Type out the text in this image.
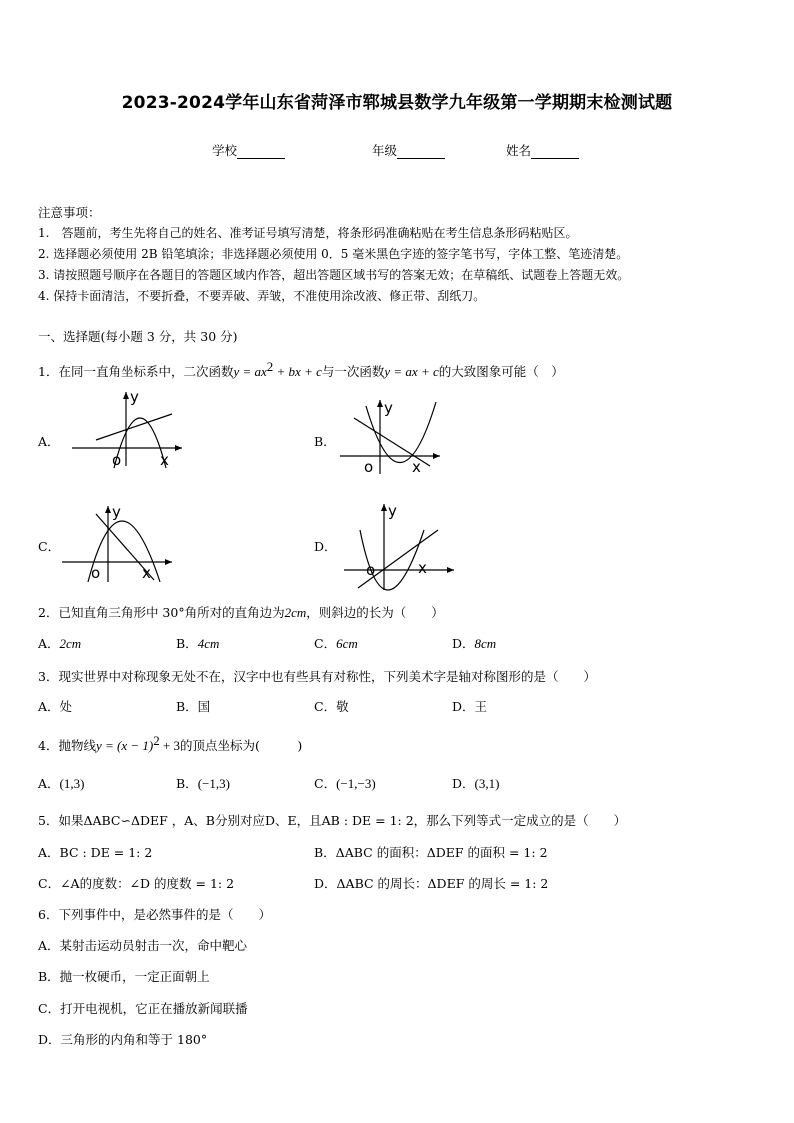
2023-2024学年山东省菏泽市郓城县数学九年级第一学期期末检测试题
学校	年级	姓名
注意事项：
1.　答题前，考生先将自己的姓名、准考证号填写清楚，将条形码准确粘贴在考生信息条形码粘贴区。
2. 选择题必须使用 2B 铅笔填涂；非选择题必须使用 0．5 毫米黑色字迹的签字笔书写，字体工整、笔迹清楚。
3. 请按照题号顺序在各题目的答题区域内作答，超出答题区域书写的答案无效；在草稿纸、试题卷上答题无效。
4. 保持卡面清洁，不要折叠，不要弄破、弄皱，不准使用涂改液、修正带、刮纸刀。
一、选择题(每小题 3 分，共 30 分)
1．在同一直角坐标系中，二次函数$y = ax^2$ + bx + c与一次函数y = ax + c的大致图象可能（　）
A．
y
o	x
B．
y
o	x
C．
y
o	x
D．
y
o	x
2．已知直角三角形中 30°角所对的直角边为2cm，则斜边的长为（　　）
A．2cm	B．4cm	C．6cm	D．8cm
3．现实世界中对称现象无处不在，汉字中也有些具有对称性，下列美术字是轴对称图形的是（　　）
A．处	B．国	C．敬	D．王
4．抛物线$y = (x - 1)^2 + 3$的顶点坐标为(　　　)
A．(1,3)	B．(−1,3)	C．(−1,−3)	D．(3,1)
5．如果ΔABC∽ΔDEF ，A、B分别对应D、E，且AB : DE = 1: 2，那么下列等式一定成立的是（　　）
A．BC : DE = 1: 2	B．ΔABC 的面积：ΔDEF 的面积 = 1: 2
C．∠A的度数：∠D 的度数 = 1: 2	D．ΔABC 的周长：ΔDEF 的周长 = 1: 2
6．下列事件中，是必然事件的是（　　）
A．某射击运动员射击一次，命中靶心
B．抛一枚硬币，一定正面朝上
C．打开电视机，它正在播放新闻联播
D．三角形的内角和等于 180°
